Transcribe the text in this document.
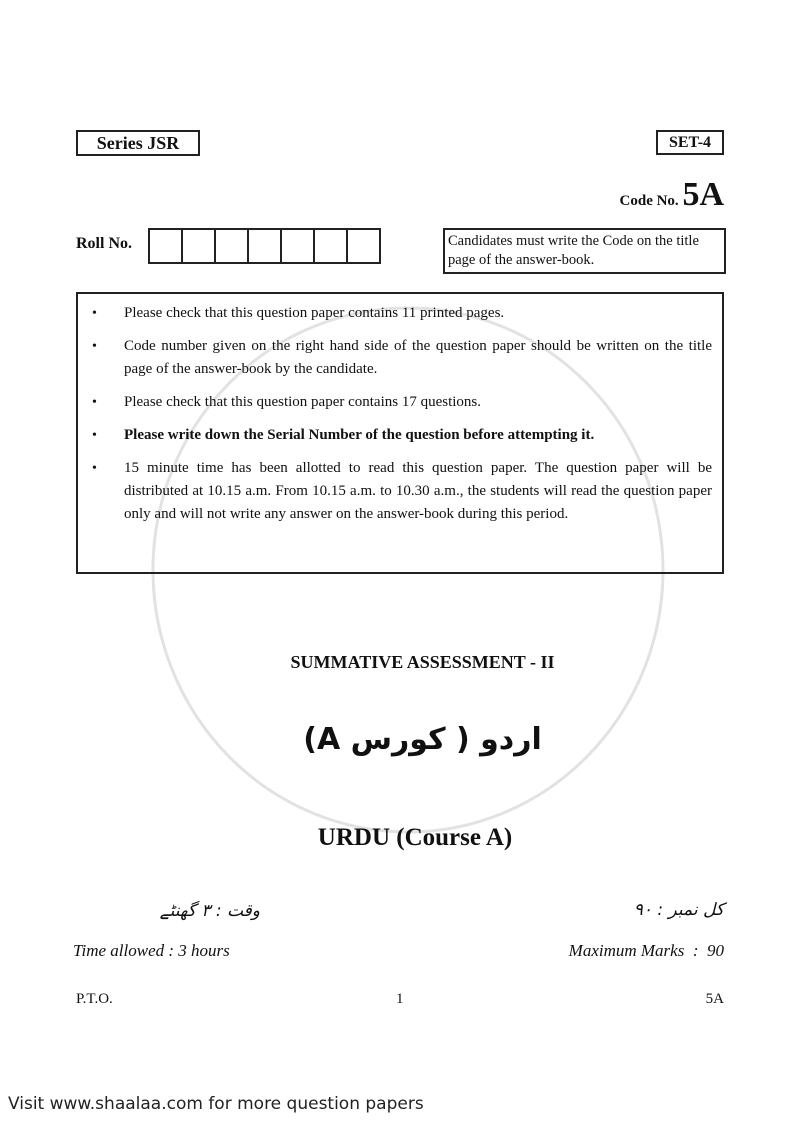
Series JSR	SET-4
Code No. 5A
Roll No.	Candidates must write the Code on the title page of the answer-book.
•	Please check that this question paper contains 11 printed pages.
•	Code number given on the right hand side of the question paper should be written on the title page of the answer-book by the candidate.
•	Please check that this question paper contains 17 questions.
•	Please write down the Serial Number of the question before attempting it.
•	15 minute time has been allotted to read this question paper. The question paper will be distributed at 10.15 a.m. From 10.15 a.m. to 10.30 a.m., the students will read the question paper only and will not write any answer on the answer-book during this period.
SUMMATIVE ASSESSMENT - II
اردو ( کورس A)
URDU (Course A)
وقت : ۳ گھنٹے	کل نمبر : ۹۰
Time allowed : 3 hours	Maximum Marks  :  90
P.T.O.	1	5A
Visit www.shaalaa.com for more question papers
